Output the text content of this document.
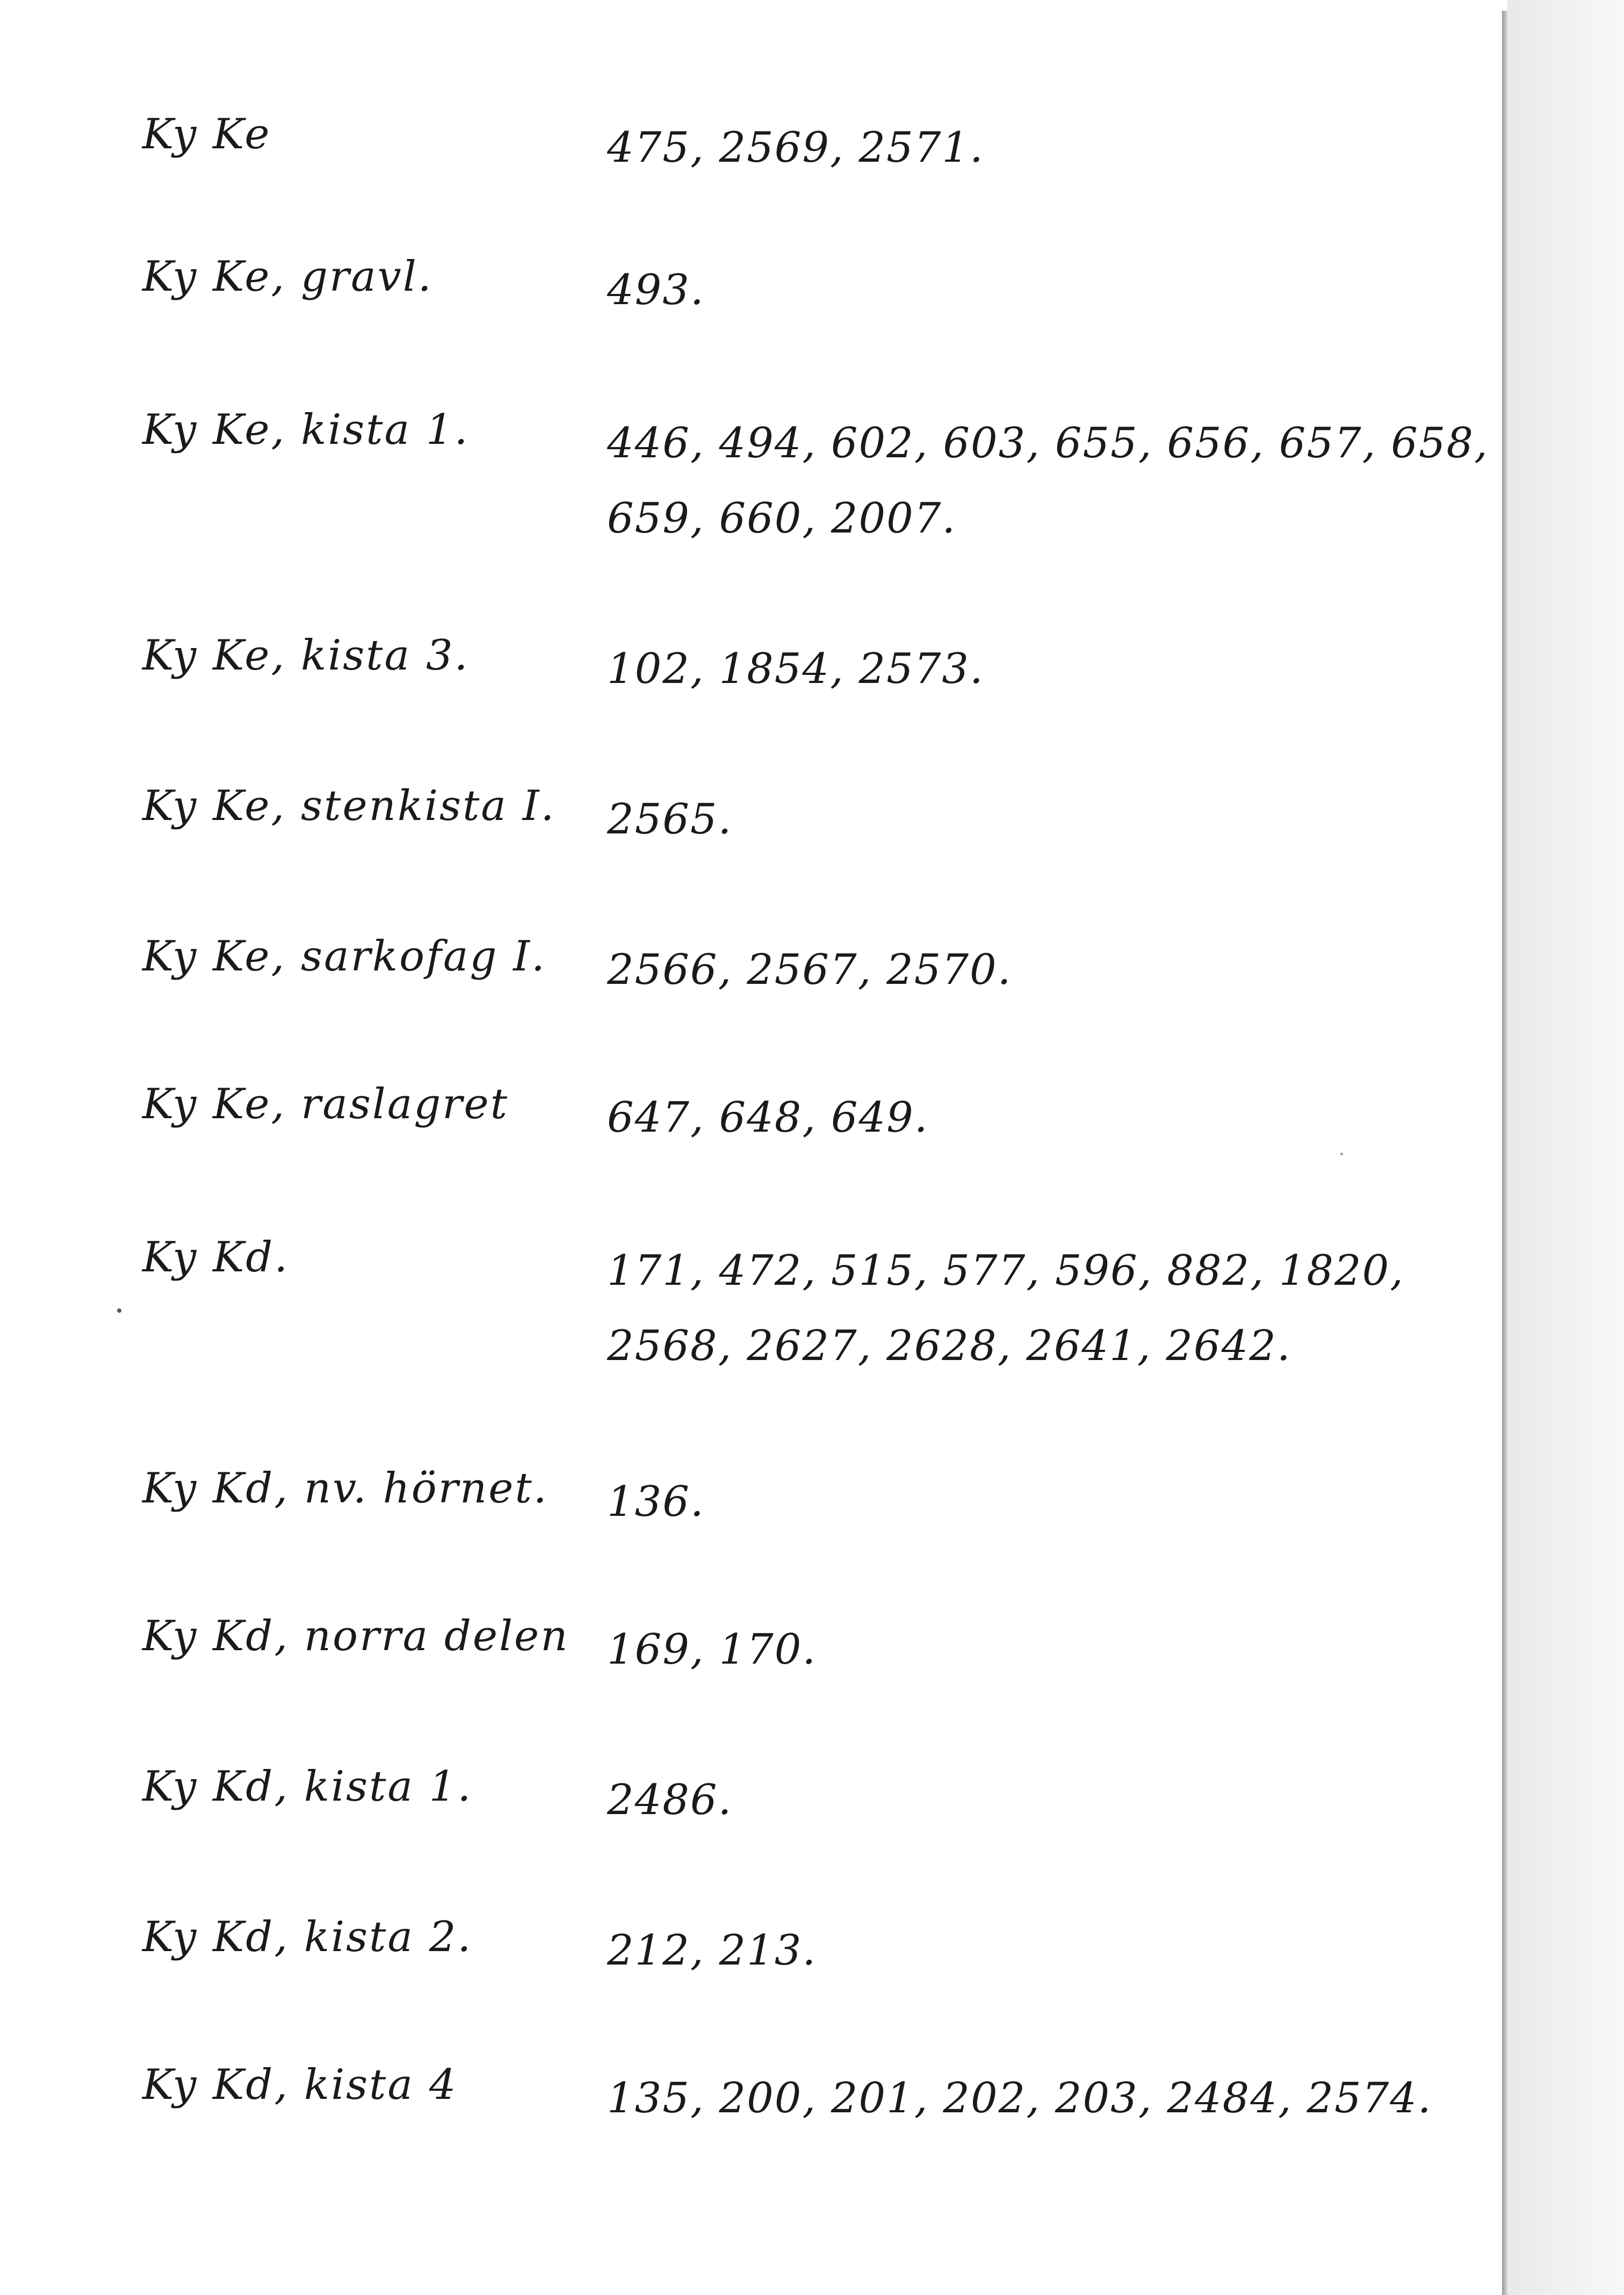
Ky Ke	475, 2569, 2571.
Ky Ke, gravl.	493.
Ky Ke, kista 1.	446, 494, 602, 603, 655, 656, 657, 658,
659, 660, 2007.
Ky Ke, kista 3.	102, 1854, 2573.
Ky Ke, stenkista I. 2565.
Ky Ke, sarkofag I. 2566, 2567, 2570.
Ky Ke, raslagret 647, 648, 649.
Ky Kd.	171, 472, 515, 577, 596, 882, 1820,
2568, 2627, 2628, 2641, 2642.
Ky Kd, nv. hörnet. 136.
Ky Kd, norra delen 169, 170.
Ky Kd, kista 1.	2486.
Ky Kd, kista 2.	212, 213.
Ky Kd, kista 4	135, 200, 201, 202, 203, 2484, 2574.
